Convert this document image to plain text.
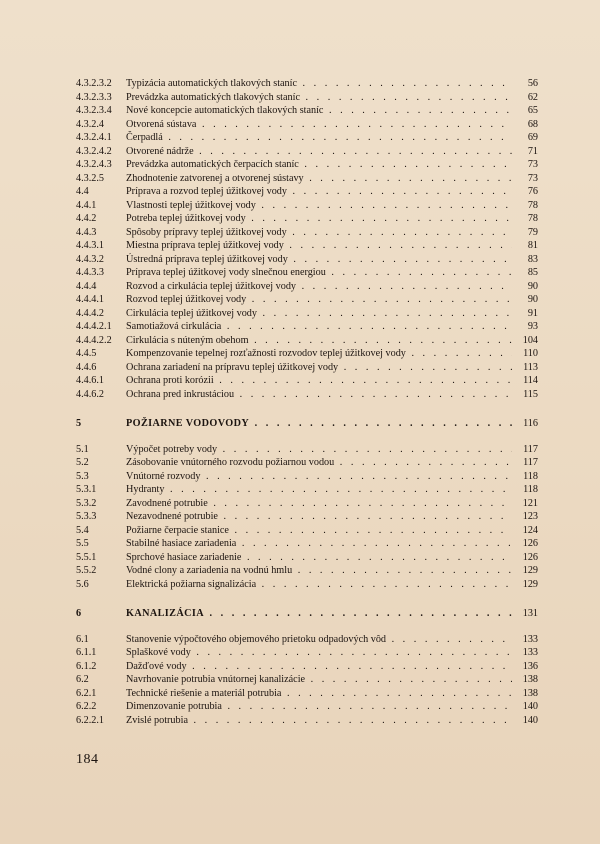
4.3.2.3.2 Typizácia automatických tlakových staníc . . .	56
4.3.2.3.3 Prevádzka automatických tlakových staníc . . .	62
4.3.2.3.4 Nové koncepcie automatických tlakových staníc . . .	65
4.3.2.4 Otvorená sústava . . .	68
4.3.2.4.1 Čerpadlá . . .	69
4.3.2.4.2 Otvorené nádrže . . .	71
4.3.2.4.3 Prevádzka automatických čerpacích staníc . . .	73
4.3.2.5 Zhodnotenie zatvorenej a otvorenej sústavy . . .	73
4.4	Príprava a rozvod teplej úžitkovej vody . . .	76
4.4.1	Vlastnosti teplej úžitkovej vody . . .	78
4.4.2	Potreba teplej úžitkovej vody . . .	78
4.4.3	Spôsoby prípravy teplej úžitkovej vody . . .	79
4.4.3.1 Miestna príprava teplej úžitkovej vody . . .	81
4.4.3.2 Ústredná príprava teplej úžitkovej vody . . .	83
4.4.3.3 Príprava teplej úžitkovej vody slnečnou energiou . . .	85
4.4.4	Rozvod a cirkulácia teplej úžitkovej vody . . .	90
4.4.4.1 Rozvod teplej úžitkovej vody . . .	90
4.4.4.2 Cirkulácia teplej úžitkovej vody . . .	91
4.4.4.2.1 Samotiažová cirkulácia . . .	93
4.4.4.2.2 Cirkulácia s núteným obehom . . .	104
4.4.5	Kompenzovanie tepelnej rozťažnosti rozvodov teplej úžitkovej vody . . .	110
4.4.6	Ochrana zariadení na prípravu teplej úžitkovej vody . . .	113
4.4.6.1 Ochrana proti korózii . . .	114
4.4.6.2 Ochrana pred inkrustáciou . . .	115
5	POŽIARNE VODOVODY . . .	116
5.1	Výpočet potreby vody . . .	117
5.2	Zásobovanie vnútorného rozvodu požiarnou vodou . . .	117
5.3	Vnútorné rozvody . . .	118
5.3.1	Hydranty . . .	118
5.3.2	Zavodnené potrubie . . .	121
5.3.3	Nezavodnené potrubie . . .	123
5.4	Požiarne čerpacie stanice . . .	124
5.5	Stabilné hasiace zariadenia . . .	126
5.5.1	Sprchové hasiace zariadenie . . .	126
5.5.2	Vodné clony a zariadenia na vodnú hmlu . . .	129
5.6	Elektrická požiarna signalizácia . . .	129
6	KANALIZÁCIA . . .	131
6.1	Stanovenie výpočtového objemového prietoku odpadových vôd . . .	133
6.1.1	Splaškové vody . . .	133
6.1.2	Dažďové vody . . .	136
6.2	Navrhovanie potrubia vnútornej kanalizácie . . .	138
6.2.1	Technické riešenie a materiál potrubia . . .	138
6.2.2	Dimenzovanie potrubia . . .	140
6.2.2.1 Zvislé potrubia . . .	140
184
